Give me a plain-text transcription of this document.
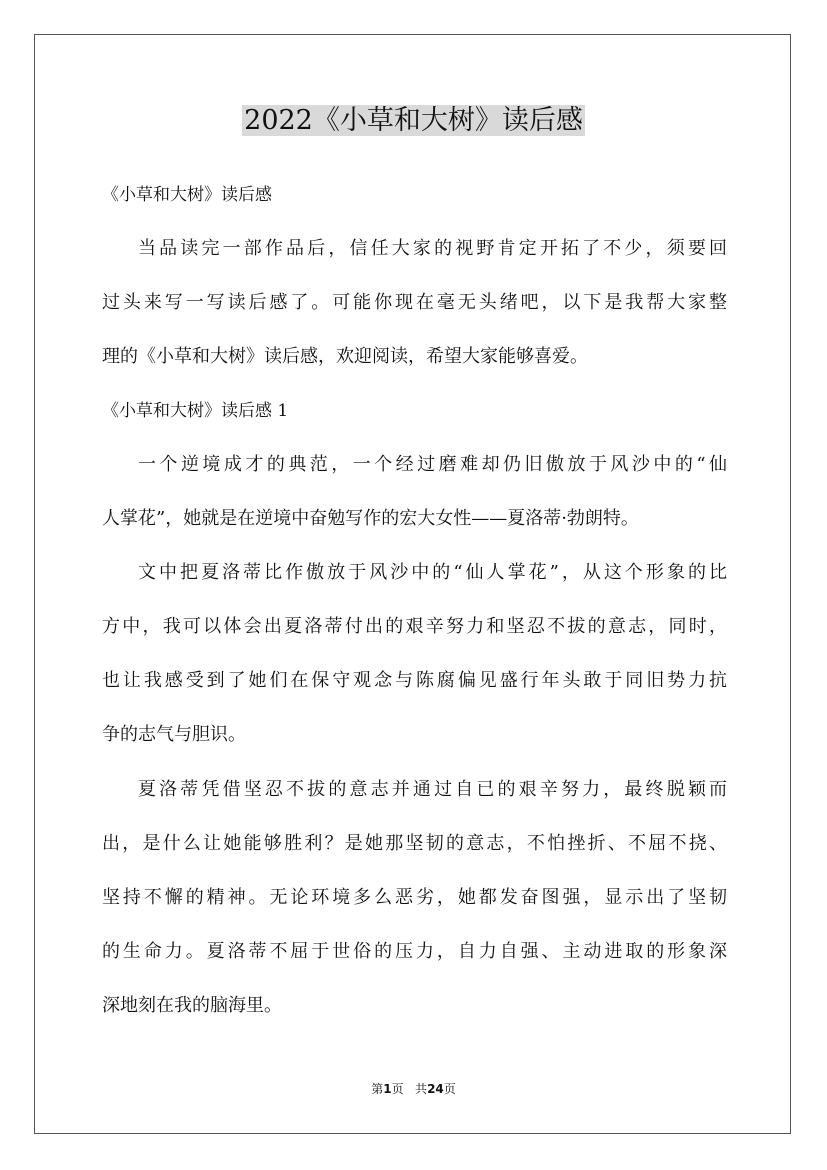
2022《小草和大树》读后感

《小草和大树》读后感

当品读完一部作品后，信任大家的视野肯定开拓了不少，须要回

过头来写一写读后感了。可能你现在毫无头绪吧，以下是我帮大家整

理的《小草和大树》读后感，欢迎阅读，希望大家能够喜爱。

《小草和大树》读后感 1

一个逆境成才的典范，一个经过磨难却仍旧傲放于风沙中的“仙

人掌花”，她就是在逆境中奋勉写作的宏大女性——夏洛蒂·勃朗特。

文中把夏洛蒂比作傲放于风沙中的“仙人掌花”，从这个形象的比

方中，我可以体会出夏洛蒂付出的艰辛努力和坚忍不拔的意志，同时，

也让我感受到了她们在保守观念与陈腐偏见盛行年头敢于同旧势力抗

争的志气与胆识。

夏洛蒂凭借坚忍不拔的意志并通过自已的艰辛努力，最终脱颖而

出，是什么让她能够胜利？是她那坚韧的意志，不怕挫折、不屈不挠、

坚持不懈的精神。无论环境多么恶劣，她都发奋图强，显示出了坚韧

的生命力。夏洛蒂不屈于世俗的压力，自力自强、主动进取的形象深

深地刻在我的脑海里。

第1页 共24页
